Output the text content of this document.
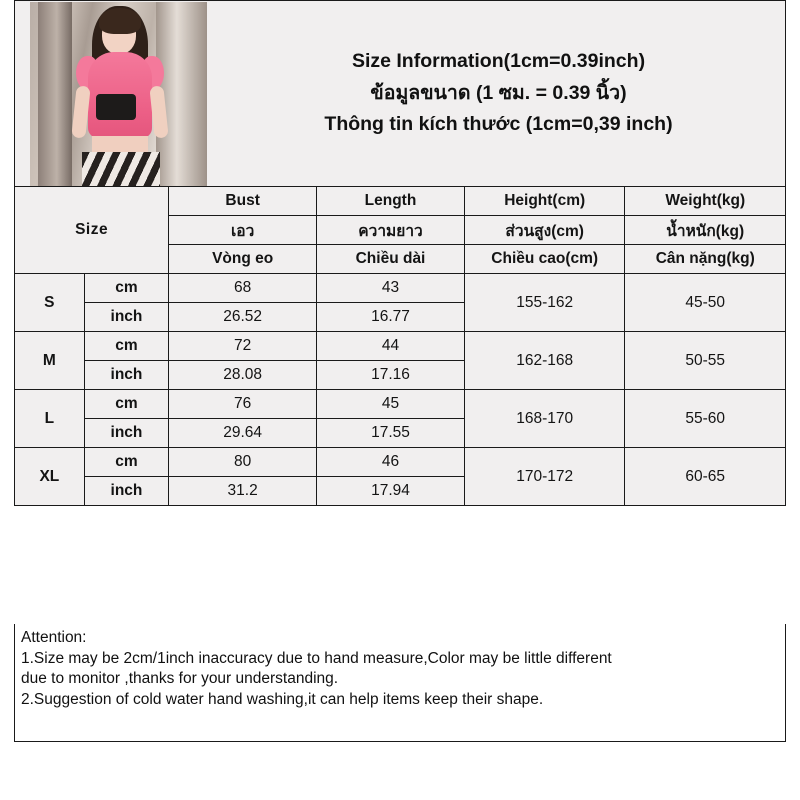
Size Information(1cm=0.39inch)
ข้อมูลขนาด (1 ซม. = 0.39 นิ้ว)
Thông tin kích thước (1cm=0,39 inch)
Size		Bust	Length	Height(cm)	Weight(kg)
		เอว	ความยาว	ส่วนสูง(cm)	น้ำหนัก(kg)
		Vòng eo	Chiều dài	Chiều cao(cm)	Cân nặng(kg)
S	cm	68	43	155-162	45-50
	inch	26.52	16.77		
M	cm	72	44	162-168	50-55
	inch	28.08	17.16		
L	cm	76	45	168-170	55-60
	inch	29.64	17.55		
XL	cm	80	46	170-172	60-65
	inch	31.2	17.94		

Attention:

1.Size may be 2cm/1inch inaccuracy due to hand measure,Color may be little different

due to monitor ,thanks for your understanding.

2.Suggestion of cold water hand washing,it can help items keep their shape.
